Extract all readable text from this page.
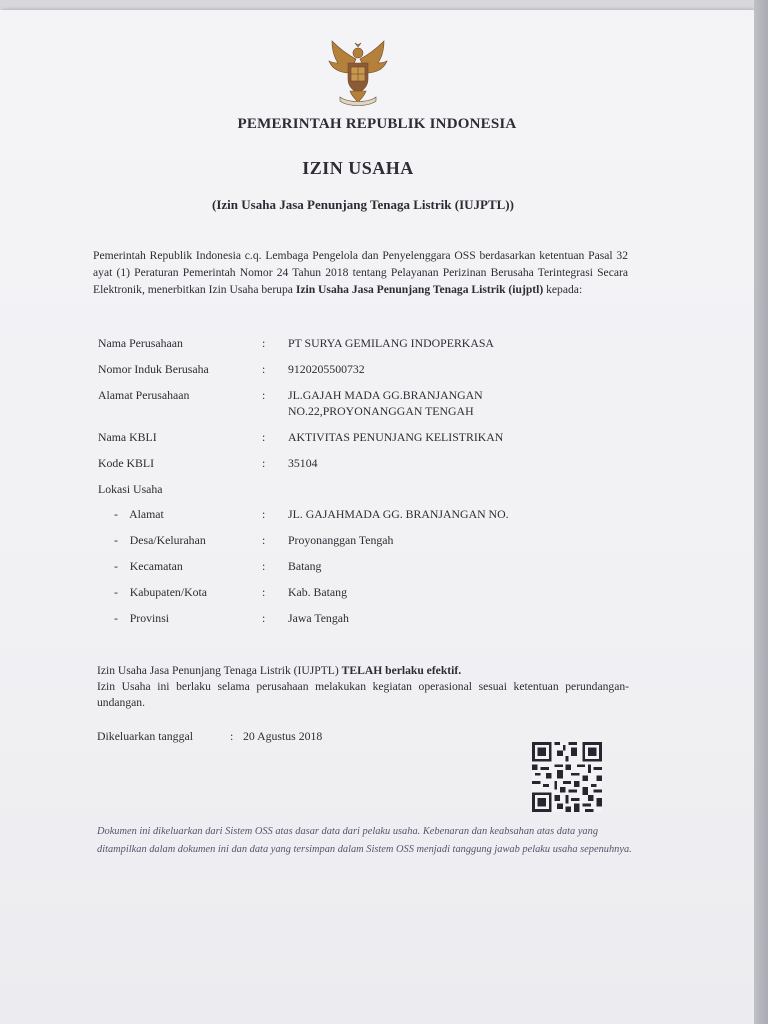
PEMERINTAH REPUBLIK INDONESIA
IZIN USAHA
(Izin Usaha Jasa Penunjang Tenaga Listrik (IUJPTL))
Pemerintah Republik Indonesia c.q. Lembaga Pengelola dan Penyelenggara OSS berdasarkan ketentuan Pasal 32 ayat (1) Peraturan Pemerintah Nomor 24 Tahun 2018 tentang Pelayanan Perizinan Berusaha Terintegrasi Secara Elektronik, menerbitkan Izin Usaha berupa Izin Usaha Jasa Penunjang Tenaga Listrik (iujptl) kepada:
Nama Perusahaan	: PT SURYA GEMILANG INDOPERKASA
Nomor Induk Berusaha	: 9120205500732
Alamat Perusahaan	: JL.GAJAH MADA GG.BRANJANGAN
NO.22,PROYONANGGAN TENGAH
Nama KBLI	: AKTIVITAS PENUNJANG KELISTRIKAN
Kode KBLI	: 35104
Lokasi Usaha
-    Alamat	: JL. GAJAHMADA GG. BRANJANGAN NO.
-    Desa/Kelurahan	: Proyonanggan Tengah
-    Kecamatan	: Batang
-    Kabupaten/Kota	: Kab. Batang
-    Provinsi	: Jawa Tengah
Izin Usaha Jasa Penunjang Tenaga Listrik (IUJPTL) TELAH berlaku efektif.
Izin Usaha ini berlaku selama perusahaan melakukan kegiatan operasional sesuai ketentuan perundangan-undangan.
Dikeluarkan tanggal	: 20 Agustus 2018
Dokumen ini dikeluarkan dari Sistem OSS atas dasar data dari pelaku usaha. Kebenaran dan keabsahan atas data yang ditampilkan dalam dokumen ini dan data yang tersimpan dalam Sistem OSS menjadi tanggung jawab pelaku usaha sepenuhnya.
